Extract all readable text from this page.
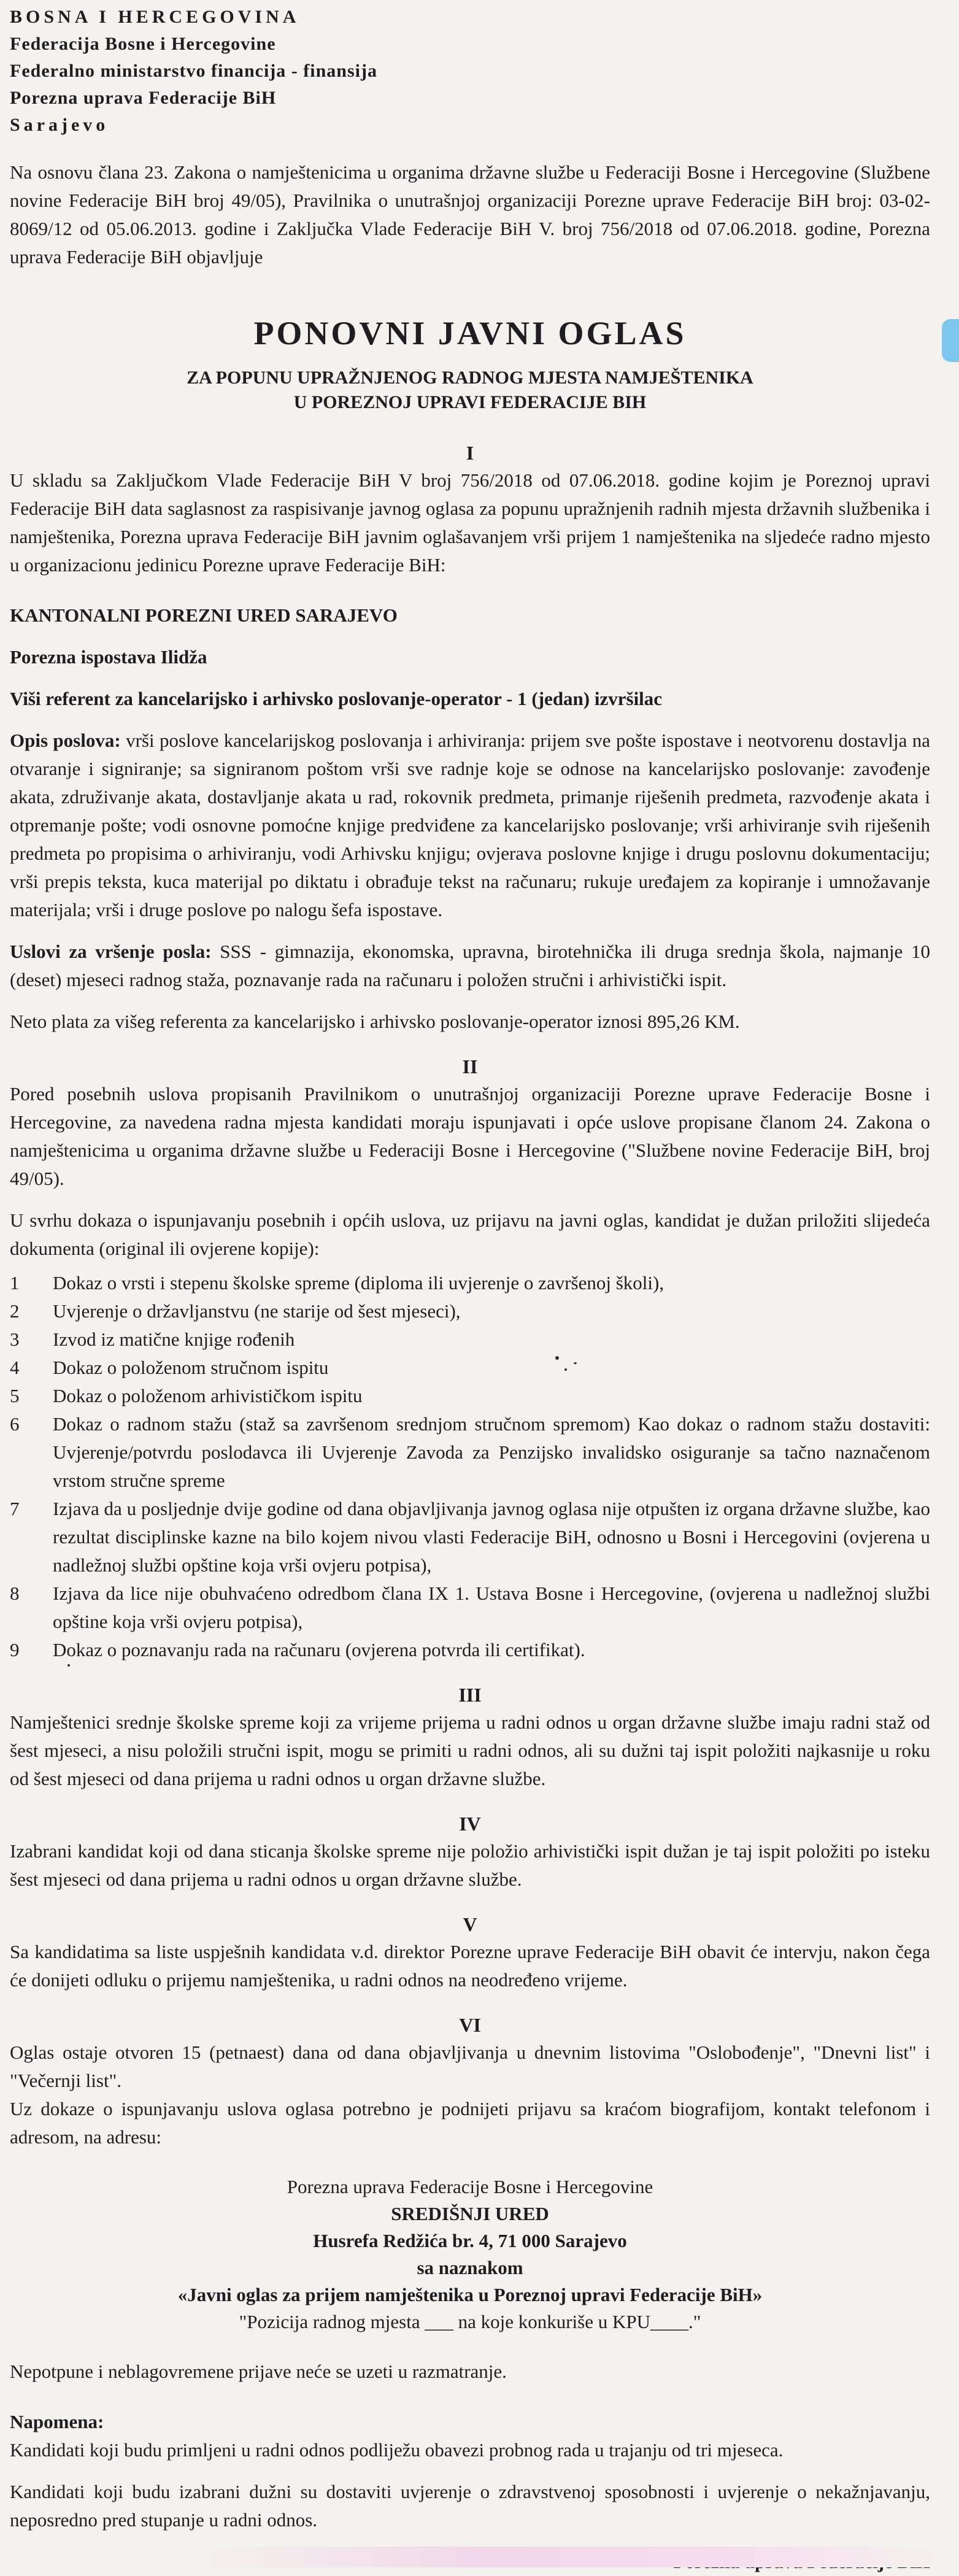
BOSNA I HERCEGOVINA
Federacija Bosne i Hercegovine
Federalno ministarstvo financija - finansija
Porezna uprava Federacije BiH
Sarajevo

Na osnovu člana 23. Zakona o namještenicima u organima državne službe u Federaciji Bosne i Hercegovine (Službene novine Federacije BiH broj 49/05), Pravilnika o unutrašnjoj organizaciji Porezne uprave Federacije BiH broj: 03-02-8069/12 od 05.06.2013. godine i Zaključka Vlade Federacije BiH V. broj 756/2018 od 07.06.2018. godine, Porezna uprava Federacije BiH objavljuje

PONOVNI JAVNI OGLAS
ZA POPUNU UPRAŽNJENOG RADNOG MJESTA NAMJEŠTENIKA
U POREZNOJ UPRAVI FEDERACIJE BIH
I

U skladu sa Zaključkom Vlade Federacije BiH V broj 756/2018 od 07.06.2018. godine kojim je Poreznoj upravi Federacije BiH data saglasnost za raspisivanje javnog oglasa za popunu upražnjenih radnih mjesta državnih službenika i namještenika, Porezna uprava Federacije BiH javnim oglašavanjem vrši prijem 1 namještenika na sljedeće radno mjesto u organizacionu jedinicu Porezne uprave Federacije BiH:

KANTONALNI POREZNI URED SARAJEVO

Porezna ispostava Ilidža

Viši referent za kancelarijsko i arhivsko poslovanje-operator - 1 (jedan) izvršilac

Opis poslova: vrši poslove kancelarijskog poslovanja i arhiviranja: prijem sve pošte ispostave i neotvorenu dostavlja na otvaranje i signiranje; sa signiranom poštom vrši sve radnje koje se odnose na kancelarijsko poslovanje: zavođenje akata, združivanje akata, dostavljanje akata u rad, rokovnik predmeta, primanje riješenih predmeta, razvođenje akata i otpremanje pošte; vodi osnovne pomoćne knjige predviđene za kancelarijsko poslovanje; vrši arhiviranje svih riješenih predmeta po propisima o arhiviranju, vodi Arhivsku knjigu; ovjerava poslovne knjige i drugu poslovnu dokumentaciju; vrši prepis teksta, kuca materijal po diktatu i obrađuje tekst na računaru; rukuje uređajem za kopiranje i umnožavanje materijala; vrši i druge poslove po nalogu šefa ispostave.

Uslovi za vršenje posla: SSS - gimnazija, ekonomska, upravna, birotehnička ili druga srednja škola, najmanje 10 (deset) mjeseci radnog staža, poznavanje rada na računaru i položen stručni i arhivistički ispit.

Neto plata za višeg referenta za kancelarijsko i arhivsko poslovanje-operator iznosi 895,26 KM.

II

Pored posebnih uslova propisanih Pravilnikom o unutrašnjoj organizaciji Porezne uprave Federacije Bosne i Hercegovine, za navedena radna mjesta kandidati moraju ispunjavati i opće uslove propisane članom 24. Zakona o namještenicima u organima državne službe u Federaciji Bosne i Hercegovine ("Službene novine Federacije BiH, broj 49/05).

U svrhu dokaza o ispunjavanju posebnih i općih uslova, uz prijavu na javni oglas, kandidat je dužan priložiti slijedeća dokumenta (original ili ovjerene kopije):

1	Dokaz o vrsti i stepenu školske spreme (diploma ili uvjerenje o završenoj školi),
2	Uvjerenje o državljanstvu (ne starije od šest mjeseci),
3	Izvod iz matične knjige rođenih
4	Dokaz o položenom stručnom ispitu
5	Dokaz o položenom arhivističkom ispitu
6	Dokaz o radnom stažu (staž sa završenom srednjom stručnom spremom) Kao dokaz o radnom stažu dostaviti: Uvjerenje/potvrdu poslodavca ili Uvjerenje Zavoda za Penzijsko invalidsko osiguranje sa tačno naznačenom vrstom stručne spreme
7	Izjava da u posljednje dvije godine od dana objavljivanja javnog oglasa nije otpušten iz organa državne službe, kao rezultat disciplinske kazne na bilo kojem nivou vlasti Federacije BiH, odnosno u Bosni i Hercegovini (ovjerena u nadležnoj službi opštine koja vrši ovjeru potpisa),
8	Izjava da lice nije obuhvaćeno odredbom člana IX 1. Ustava Bosne i Hercegovine, (ovjerena u nadležnoj službi opštine koja vrši ovjeru potpisa),
9	Dokaz o poznavanju rada na računaru (ovjerena potvrda ili certifikat).
III

Namještenici srednje školske spreme koji za vrijeme prijema u radni odnos u organ državne službe imaju radni staž od šest mjeseci, a nisu položili stručni ispit, mogu se primiti u radni odnos, ali su dužni taj ispit položiti najkasnije u roku od šest mjeseci od dana prijema u radni odnos u organ državne službe.

IV

Izabrani kandidat koji od dana sticanja školske spreme nije položio arhivistički ispit dužan je taj ispit položiti po isteku šest mjeseci od dana prijema u radni odnos u organ državne službe.

V

Sa kandidatima sa liste uspješnih kandidata v.d. direktor Porezne uprave Federacije BiH obavit će intervju, nakon čega će donijeti odluku o prijemu namještenika, u radni odnos na neodređeno vrijeme.

VI

Oglas ostaje otvoren 15 (petnaest) dana od dana objavljivanja u dnevnim listovima "Oslobođenje", "Dnevni list" i "Večernji list".

Uz dokaze o ispunjavanju uslova oglasa potrebno je podnijeti prijavu sa kraćom biografijom, kontakt telefonom i adresom, na adresu:

Porezna uprava Federacije Bosne i Hercegovine
SREDIŠNJI URED
Husrefa Redžića br. 4, 71 000 Sarajevo
sa naznakom
«Javni oglas za prijem namještenika u Poreznoj upravi Federacije BiH»
"Pozicija radnog mjesta ___ na koje konkuriše u KPU____."

Nepotpune i neblagovremene prijave neće se uzeti u razmatranje.

Napomena:

Kandidati koji budu primljeni u radni odnos podliježu obavezi probnog rada u trajanju od tri mjeseca.

Kandidati koji budu izabrani dužni su dostaviti uvjerenje o zdravstvenoj sposobnosti i uvjerenje o nekažnjavanju, neposredno pred stupanje u radni odnos.
